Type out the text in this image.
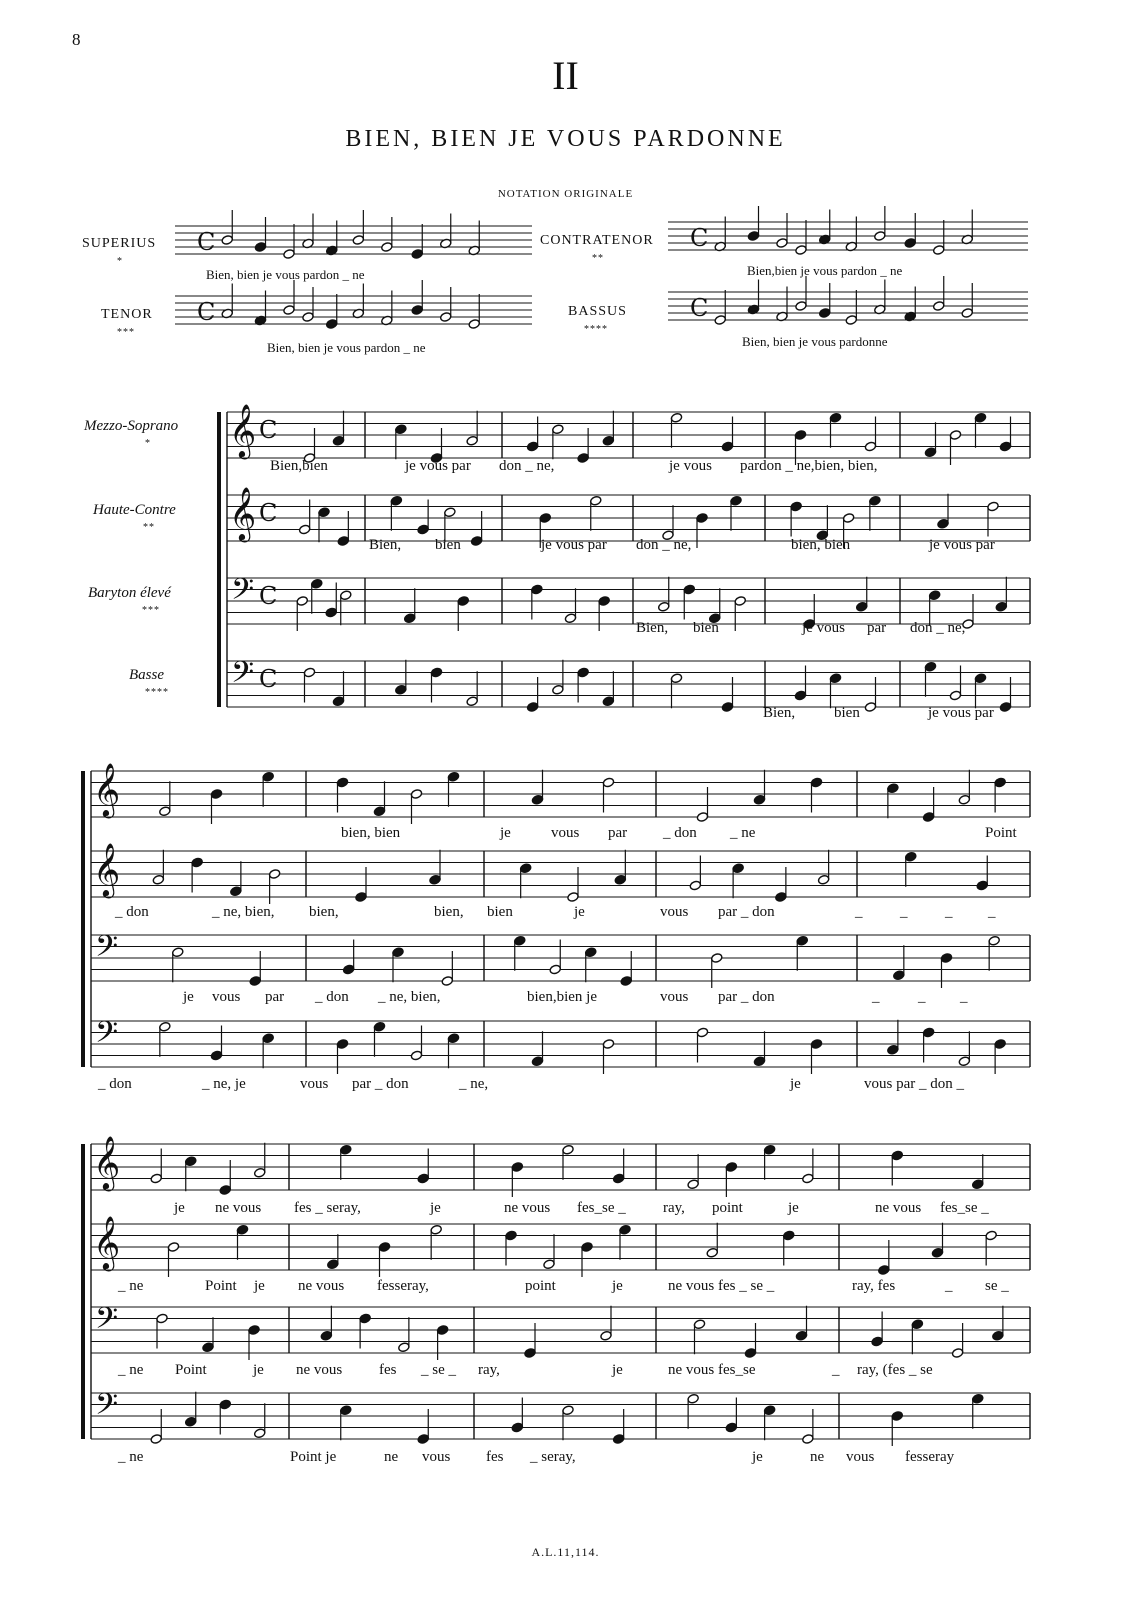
C	C
C	C
𝄞 C
𝄞 C
𝄢 C
𝄢 C
𝄞
𝄞
𝄢
𝄢
𝄞
𝄞
𝄢
𝄢
8
II
BIEN, BIEN JE VOUS PARDONNE
NOTATION ORIGINALE
SUPERIUS
*
Bien, bien je vous pardon _ ne
CONTRATENOR
**
Bien,bien je vous pardon _ ne
TENOR
***
Bien, bien je vous pardon _ ne
BASSUS
****
Bien, bien je vous pardonne
Mezzo-Soprano
*
Haute-Contre
**
Baryton élevé
***
Basse
****
Bien,bien	je vous par don _ ne,	je vous pardon _ ne,bien, bien,
Bien, bien	je vous par don _ ne,	bien, bien	je vous par
Bien, bien	je vous par don _ ne,
Bien,	bien	je vous par
bien, bien	je	vous par _ don _ ne	Point
_ don	_ ne, bien, bien,	bien, bien	je	vous par _ don	_	_	_ _
je vous par _ don _ ne, bien,	bien,bien je	vous par _ don	_	_ _
_ don	_ ne, je	vous par _ don	_ ne,	je	vous par _ don _
je ne vous fes _ seray,	je	ne vous fes_se _ ray, point	je	ne vous fes_se _
_ ne	Point je ne vous fesseray,	point	je	ne vous fes _ se _	ray, fes	_ se _
_ ne Point	je ne vous fes _ se _ ray,	je	ne vous fes_se	_ ray, (fes _ se
_ ne	Point je	ne vous fes _ seray,	je	ne vous fesseray
A.L.11,114.
